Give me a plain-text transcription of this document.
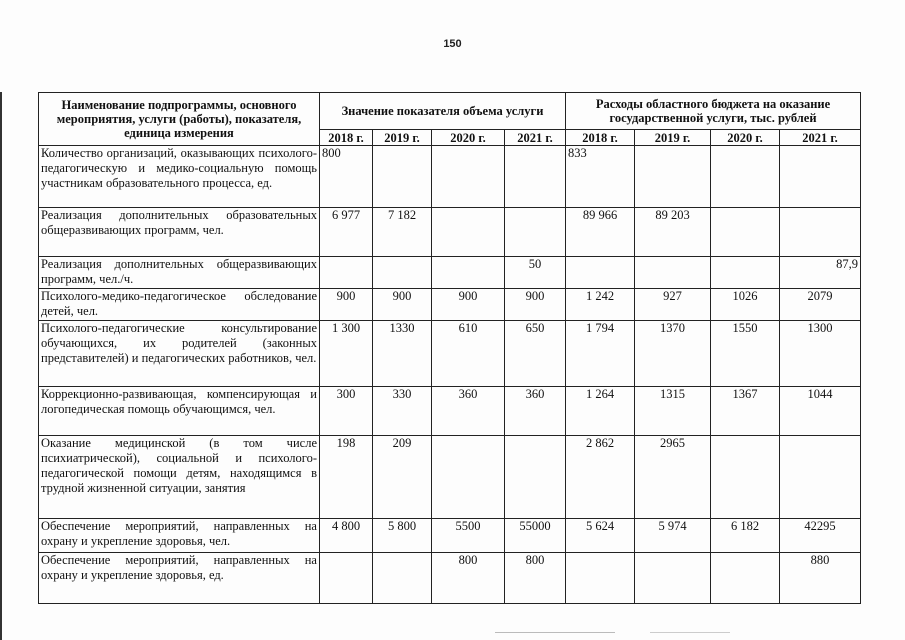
150
Наименование подпрограммы, основного мероприятия, услуги (работы), показателя, единица измерения	Значение показателя объема услуги				Расходы областного бюджета на оказание государственной услуги, тыс. рублей			
	2018 г.	2019 г.	2020 г.	2021 г.	2018 г.	2019 г.	2020 г.	2021 г.
Количество организаций, оказывающих психолого-педагогическую и медико-социальную помощь участникам образовательного процесса, ед.	800				833			
Реализация дополнительных образовательных общеразвивающих программ, чел.	6 977	7 182			89 966	89 203		
Реализация дополнительных общеразвивающих программ, чел./ч.				50				87,9
Психолого-медико-педагогическое обследование детей, чел.	900	900	900	900	1 242	927	1026	2079
Психолого-педагогические консультирование обучающихся, их родителей (законных представителей) и педагогических работников, чел.	1 300	1330	610	650	1 794	1370	1550	1300
Коррекционно-развивающая, компенсирующая и логопедическая помощь обучающимся, чел.	300	330	360	360	1 264	1315	1367	1044
Оказание медицинской (в том числе психиатрической), социальной и психолого-педагогической помощи детям, находящимся в трудной жизненной ситуации, занятия	198	209			2 862	2965		
Обеспечение мероприятий, направленных на охрану и укрепление здоровья, чел.	4 800	5 800	5500	55000	5 624	5 974	6 182	42295
Обеспечение мероприятий, направленных на охрану и укрепление здоровья, ед.			800	800				880
